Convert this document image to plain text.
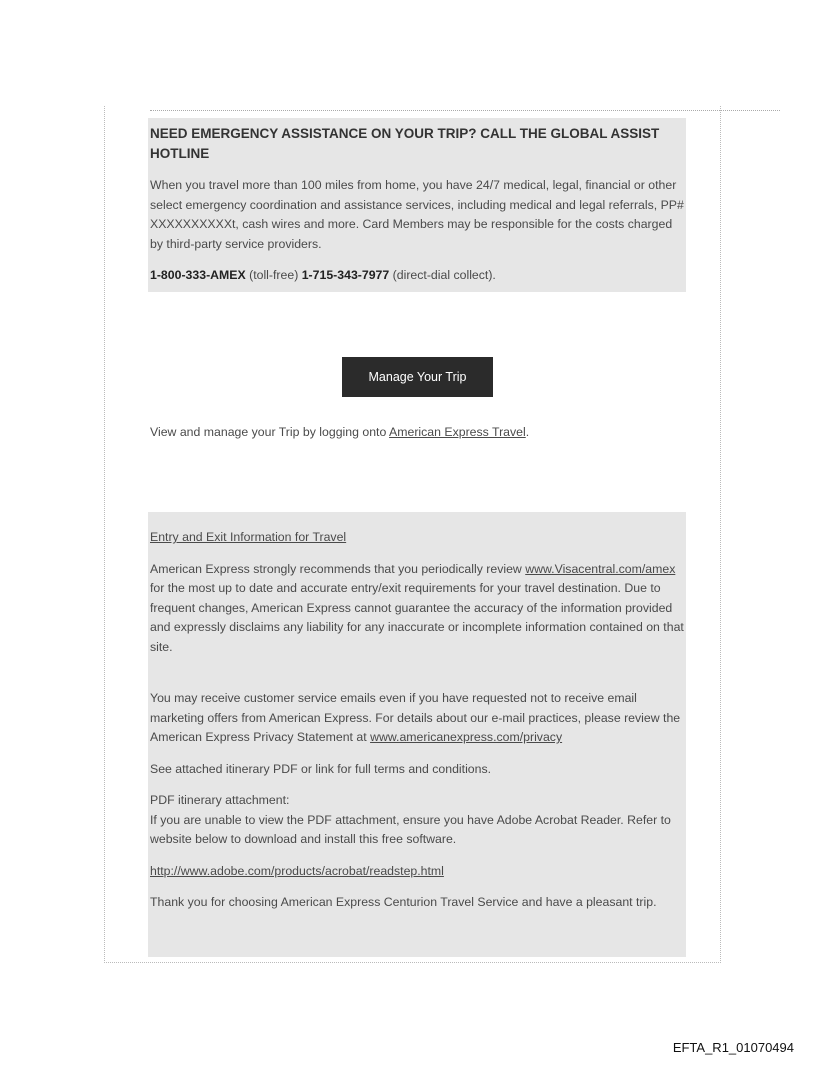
NEED EMERGENCY ASSISTANCE ON YOUR TRIP? CALL THE GLOBAL ASSIST HOTLINE

When you travel more than 100 miles from home, you have 24/7 medical, legal, financial or other select emergency coordination and assistance services, including medical and legal referrals, PP# XXXXXXXXXXt, cash wires and more. Card Members may be responsible for the costs charged by third-party service providers.

1-800-333-AMEX (toll-free) 1-715-343-7977 (direct-dial collect).

Manage Your Trip
View and manage your Trip by logging onto American Express Travel.

Entry and Exit Information for Travel

American Express strongly recommends that you periodically review www.Visacentral.com/amex for the most up to date and accurate entry/exit requirements for your travel destination. Due to frequent changes, American Express cannot guarantee the accuracy of the information provided and expressly disclaims any liability for any inaccurate or incomplete information contained on that site.

You may receive customer service emails even if you have requested not to receive email marketing offers from American Express. For details about our e-mail practices, please review the American Express Privacy Statement at www.americanexpress.com/privacy

See attached itinerary PDF or link for full terms and conditions.

PDF itinerary attachment:

If you are unable to view the PDF attachment, ensure you have Adobe Acrobat Reader. Refer to website below to download and install this free software.

http://www.adobe.com/products/acrobat/readstep.html

Thank you for choosing American Express Centurion Travel Service and have a pleasant trip.

EFTA_R1_01070494
